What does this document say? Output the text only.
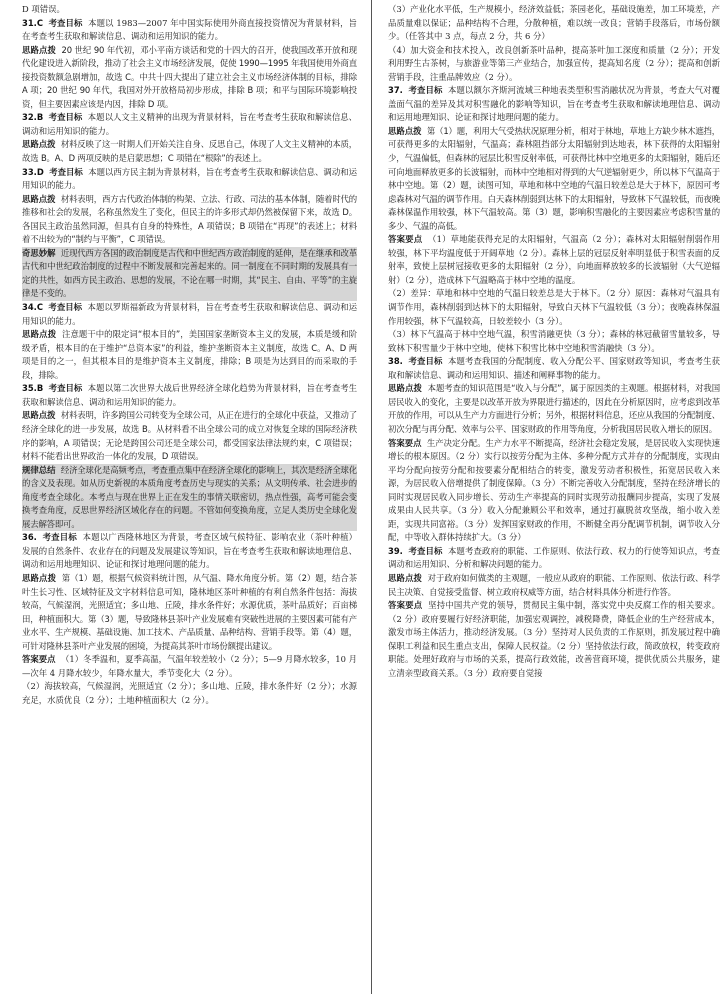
D 项错误。

31.C 考查目标 本题以 1983—2007 年中国实际使用外商直接投资情况为背景材料，旨在考查考生获取和解读信息、调动和运用知识的能力。

思路点拨 20 世纪 90 年代初，邓小平南方谈话和党的十四大的召开，使我国改革开放和现代化建设进入新阶段，推动了社会主义市场经济发展，促使 1990—1995 年我国使用外商直接投资数额急剧增加，故选 C。中共十四大提出了建立社会主义市场经济体制的目标，排除 A 项；20 世纪 90 年代，我国对外开放格局初步形成，排除 B 项；和平与国际环境影响投资，但主要因素应该是内因，排除 D 项。

32.B 考查目标 本题以人文主义精神的出现为背景材料，旨在考查考生获取和解读信息、调动和运用知识的能力。

思路点拨 材料反映了这一时期人们开始关注自身、反思自己，体现了人文主义精神的本质，故选 B。A、D 两项反映的是启蒙思想；C 项错在“根除”的表述上。

33.D 考查目标 本题以西方民主制为背景材料，旨在考查考生获取和解读信息、调动和运用知识的能力。

思路点拨 材料表明，西方古代政治体制的构架、立法、行政、司法的基本体制，随着时代的推移和社会的发展，名称虽然发生了变化，但民主的许多形式却仍然被保留下来，故选 D。各国民主政治虽然同源，但具有自身的特殊性，A 项错误；B 项错在“再现”的表述上；材料着不出较为的“制约与平衡”，C 项错误。

奇思妙解 近现代西方各国的政治制度是古代和中世纪西方政治制度的延伸，是在继承和改革古代和中世纪政治制度的过程中不断发展和完善起来的。同一制度在不同时期的发展具有一定的共性，如西方民主政治、思想的发展，不论在哪一时期，其“民主、自由、平等”的主旋律是不变的。

34.C 考查目标 本题以罗斯福新政为背景材料，旨在考查考生获取和解读信息、调动和运用知识的能力。

思路点拨 注意题干中的限定词“根本目的”，美国国家垄断资本主义的发展，本质是缓和阶级矛盾，根本目的在于维护“总资本家”的利益，维护垄断资本主义制度，故选 C。A、D 两项是目的之一，但其根本目的是维护资本主义制度，排除；B 项是为达到目的而采取的手段，排除。

35.B 考查目标 本题以第二次世界大战后世界经济全球化趋势为背景材料，旨在考查考生获取和解读信息、调动和运用知识的能力。

思路点拨 材料表明，许多跨国公司转变为全球公司，从正在进行的全球化中获益，又推动了经济全球化的进一步发展，故选 B。从材料看不出全球公司的成立对恢复全球的国际经济秩序的影响，A 项错误；无论是跨国公司还是全球公司，都受国家法律法规约束，C 项错误；材料不能看出世界政治一体化的发展，D 项错误。

规律总结 经济全球化是高频考点，考查重点集中在经济全球化的影响上，其次是经济全球化的含义及表现。如从历史新视的本质角度考查历史与现实的关系；从文明传承、社会进步的角度考查全球化。本考点与现在世界上正在发生的事情关联密切，热点性强，高考可能会变换考查角度，反思世界经济区域化存在的问题。不管如何变换角度，立足人类历史全球化发展去解答即可。

36. 考查目标 本题以广西隆林地区为背景，考查区域气候特征、影响农业（茶叶种植）发展的自然条件、农业存在的问题及发展建议等知识，旨在考查考生获取和解读地理信息、调动和运用地理知识、论证和探讨地理问题的能力。

思路点拨 第（1）题，根据气候资料统计图，从气温、降水角度分析。第（2）题，结合茶叶生长习性、区域特征及文字材料信息可知，隆林地区茶叶种植的有利自然条件包括：海拔较高，气候湿润，光照适宜；多山地、丘陵，排水条件好；水源优质，茶叶品质好；百亩梯田，种植面积大。第（3）题，导致隆林县茶叶产业发展难有突破性进展的主要因素可能有产业水平、生产规模、基础设施、加工技术、产品质量、品种结构、营销手段等。第（4）题，可针对隆林县茶叶产业发展的困境，为提高其茶叶市场份额提出建议。

答案要点 （1）冬季温和，夏季高温，气温年较差较小（2 分）；5—9 月降水较多，10 月—次年 4 月降水较少，年降水量大，季节变化大（2 分）。

（2）海拔较高，气候湿润，光照适宜（2 分）；多山地、丘陵，排水条件好（2 分）；水源充足，水质优良（2 分）；土地种植面积大（2 分）。

（3）产业化水平低，生产规模小，经济效益低；茶园老化，基础设施差，加工环境差，产品质量难以保证；品种结构不合理，分散种植，难以统一改良；营销手段落后，市场份额少。（任答其中 3 点，每点 2 分，共 6 分）

（4）加大资金和技术投入，改良创新茶叶品种，提高茶叶加工深度和质量（2 分）；开发利用野生古茶树，与旅游业等第三产业结合，加强宣传，提高知名度（2 分）；提高和创新营销手段，注重品牌效应（2 分）。

37. 考查目标 本题以额尔齐斯河流域三种地表类型积雪消融状况为背景，考查大气对覆盖面气温的差异及其对积雪融化的影响等知识，旨在考查考生获取和解读地理信息、调动和运用地理知识、论证和探讨地理问题的能力。

思路点拨 第（1）题，利用大气受热状况原理分析，相对于林地，草地上方缺少林木遮挡，可获得更多的太阳辐射，气温高；森林阻挡部分太阳辐射到达地表，林下获得的太阳辐射少，气温偏低，但森林的冠层比积雪反射率低，可获得比林中空地更多的太阳辐射，随后还可向地面释放更多的长波辐射，而林中空地相对得到的大气逆辐射更少，所以林下气温高于林中空地。第（2）题，读图可知，草地和林中空地的气温日较差总是大于林下，原因可考虑森林对气温的调节作用。白天森林削弱到达林下的太阳辐射，导致林下气温较低，而夜晚森林保温作用较强，林下气温较高。第（3）题，影响积雪融化的主要因素应考虑积雪量的多少、气温的高低。

答案要点 （1）草地能获得充足的太阳辐射，气温高（2 分）；森林对太阳辐射削弱作用较强，林下平均温度低于开阔草地（2 分）。森林上层的冠层反射率明显低于积雪表面的反射率，致使上层树冠接收更多的太阳辐射（2 分），向地面释放较多的长波辐射（大气逆辐射）（2 分），造成林下气温略高于林中空地的温度。

（2）差异：草地和林中空地的气温日较差总是大于林下。（2 分）原因：森林对气温具有调节作用，森林削弱到达林下的太阳辐射，导致白天林下气温较低（3 分）；夜晚森林保温作用较强，林下气温较高，日较差较小（3 分）。

（3）林下气温高于林中空地气温，积雪消融更快（3 分）；森林的林冠截留雪量较多，导致林下积雪量少于林中空地，使林下积雪比林中空地积雪消融快（3 分）。

38. 考查目标 本题考查我国的分配制度、收入分配公平、国家财政等知识，考查考生获取和解读信息、调动和运用知识、描述和阐释事物的能力。

思路点拨 本题考查的知识范围是“收入与分配”，属于原因类的主观题。根据材料，对我国居民收入的变化，主要是以改革开放为界限进行描述的，因此在分析原因时，应考虑到改革开放的作用，可以从生产力方面进行分析；另外，根据材料信息，还应从我国的分配制度、初次分配与再分配、效率与公平、国家财政的作用等角度，分析我国居民收入增长的原因。

答案要点 生产决定分配。生产力水平不断提高，经济社会稳定发展，是居民收入实现快速增长的根本原因。（2 分）实行以按劳分配为主体、多种分配方式并存的分配制度，实现由平均分配向按劳分配和按要素分配相结合的转变，激发劳动者积极性，拓宽居民收入来源，为居民收入倍增提供了制度保障。（3 分）不断完善收入分配制度，坚持在经济增长的同时实现居民收入同步增长、劳动生产率提高的同时实现劳动报酬同步提高，实现了发展成果由人民共享。（3 分）收入分配兼顾公平和效率，通过打赢脱贫攻坚战，缩小收入差距，实现共同富裕。（3 分）发挥国家财政的作用，不断健全再分配调节机制，调节收入分配，中等收入群体持续扩大。（3 分）

39. 考查目标 本题考查政府的职能、工作原则、依法行政、权力的行使等知识点，考查调动和运用知识、分析和解决问题的能力。

思路点拨 对于政府如何做类的主观题，一般应从政府的职能、工作原则、依法行政、科学民主决策、自觉接受监督、树立政府权威等方面，结合材料具体分析进行作答。

答案要点 坚持中国共产党的领导，贯彻民主集中制，落实党中央反腐工作的相关要求。（2 分）政府要履行好经济职能，加强宏观调控，减税降费，降低企业的生产经营成本，激发市场主体活力，推动经济发展。（3 分）坚持对人民负责的工作原则，抓发展过程中确保职工利益和民生重点支出，保障人民权益。（2 分）坚持依法行政，简政放权，转变政府职能。处理好政府与市场的关系，提高行政效能，改善营商环境，提供优质公共服务，建立清亲型政商关系。（3 分）政府要自觉接
